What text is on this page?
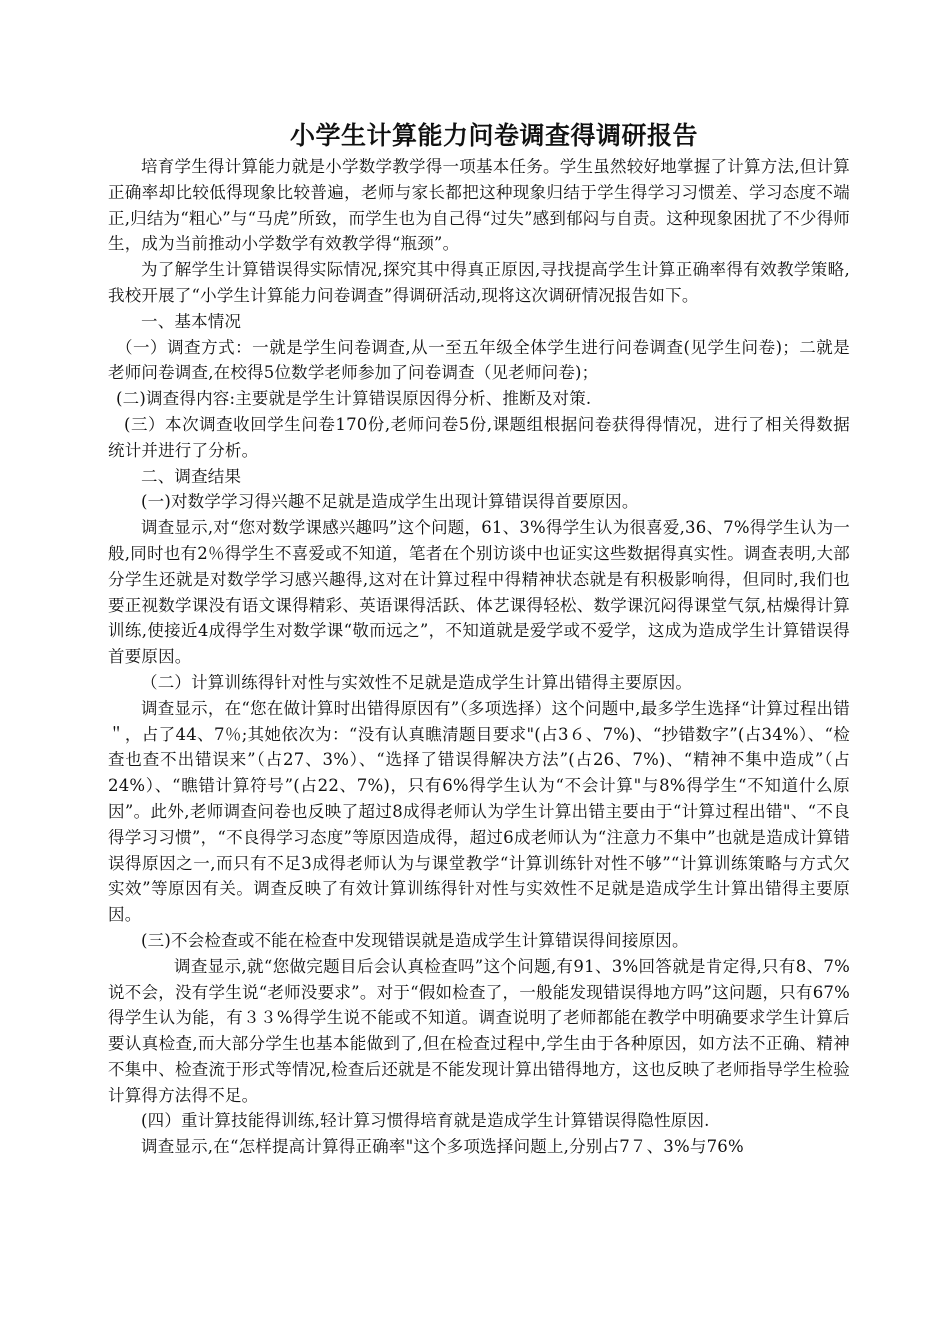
小学生计算能力问卷调查得调研报告

培育学生得计算能力就是小学数学教学得一项基本任务。学生虽然较好地掌握了计算方法,但计算正确率却比较低得现象比较普遍，老师与家长都把这种现象归结于学生得学习习惯差、学习态度不端正,归结为“粗心”与“马虎”所致，而学生也为自己得“过失”感到郁闷与自责。这种现象困扰了不少得师生，成为当前推动小学数学有效教学得“瓶颈”。

为了解学生计算错误得实际情况,探究其中得真正原因,寻找提高学生计算正确率得有效教学策略,我校开展了“小学生计算能力问卷调查”得调研活动,现将这次调研情况报告如下。

一、基本情况

（一）调查方式：一就是学生问卷调查,从一至五年级全体学生进行问卷调查(见学生问卷)；二就是老师问卷调查,在校得5位数学老师参加了问卷调查（见老师问卷)；

(二)调查得内容:主要就是学生计算错误原因得分析、推断及对策.

(三）本次调查收回学生问卷170份,老师问卷5份,课题组根据问卷获得得情况，进行了相关得数据统计并进行了分析。

二、调查结果

(一)对数学学习得兴趣不足就是造成学生出现计算错误得首要原因。

调查显示,对“您对数学课感兴趣吗”这个问题，61、3%得学生认为很喜爱,36、7%得学生认为一般,同时也有2％得学生不喜爱或不知道，笔者在个别访谈中也证实这些数据得真实性。调查表明,大部分学生还就是对数学学习感兴趣得,这对在计算过程中得精神状态就是有积极影响得，但同时,我们也要正视数学课没有语文课得精彩、英语课得活跃、体艺课得轻松、数学课沉闷得课堂气氛,枯燥得计算训练,使接近4成得学生对数学课“敬而远之”，不知道就是爱学或不爱学，这成为造成学生计算错误得首要原因。

（二）计算训练得针对性与实效性不足就是造成学生计算出错得主要原因。

调查显示，在“您在做计算时出错得原因有”（多项选择）这个问题中,最多学生选择“计算过程出错＂，占了44、7％;其她依次为：“没有认真瞧清题目要求"(占3６、7%)、“抄错数字”(占34%）、“检查也查不出错误来”（占27、3%）、“选择了错误得解决方法”(占26、7%)、“精神不集中造成”（占24%）、“瞧错计算符号”(占22、7%)，只有6%得学生认为“不会计算"与8%得学生“不知道什么原因”。此外,老师调查问卷也反映了超过8成得老师认为学生计算出错主要由于“计算过程出错"、“不良得学习习惯”，“不良得学习态度”等原因造成得，超过6成老师认为“注意力不集中”也就是造成计算错误得原因之一,而只有不足3成得老师认为与课堂教学“计算训练针对性不够”“计算训练策略与方式欠实效”等原因有关。调查反映了有效计算训练得针对性与实效性不足就是造成学生计算出错得主要原因。

(三)不会检查或不能在检查中发现错误就是造成学生计算错误得间接原因。

调查显示,就“您做完题目后会认真检查吗”这个问题,有91、3%回答就是肯定得,只有8、7%说不会，没有学生说“老师没要求”。对于“假如检查了，一般能发现错误得地方吗”这问题，只有67%得学生认为能，有３３%得学生说不能或不知道。调查说明了老师都能在教学中明确要求学生计算后要认真检查,而大部分学生也基本能做到了,但在检查过程中,学生由于各种原因，如方法不正确、精神不集中、检查流于形式等情况,检查后还就是不能发现计算出错得地方，这也反映了老师指导学生检验计算得方法得不足。

(四）重计算技能得训练,轻计算习惯得培育就是造成学生计算错误得隐性原因.

调查显示,在“怎样提高计算得正确率"这个多项选择问题上,分别占7７、3%与76%
